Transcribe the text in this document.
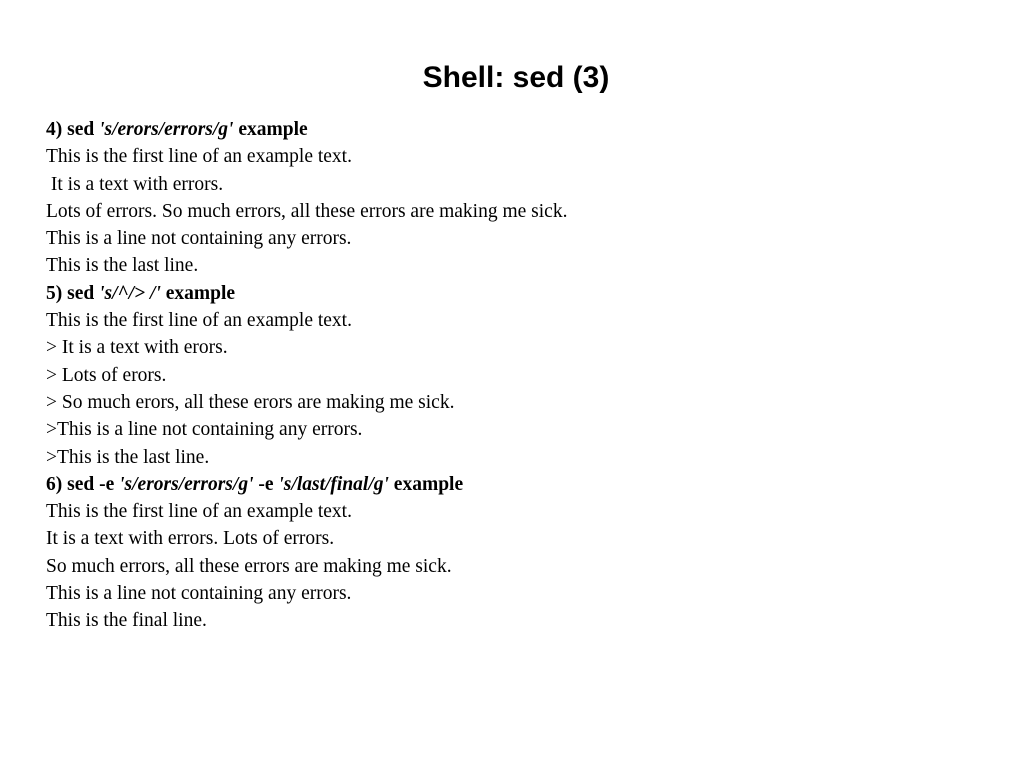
Shell: sed (3)
4) sed 's/erors/errors/g' example
This is the first line of an example text.
It is a text with errors.
Lots of errors. So much errors, all these errors are making me sick.
This is a line not containing any errors.
This is the last line.
5) sed 's/^/> /' example
This is the first line of an example text.
> It is a text with erors.
> Lots of erors.
> So much erors, all these erors are making me sick.
>This is a line not containing any errors.
>This is the last line.
6) sed -e 's/erors/errors/g' -e 's/last/final/g' example
This is the first line of an example text.
It is a text with errors. Lots of errors.
So much errors, all these errors are making me sick.
This is a line not containing any errors.
This is the final line.
